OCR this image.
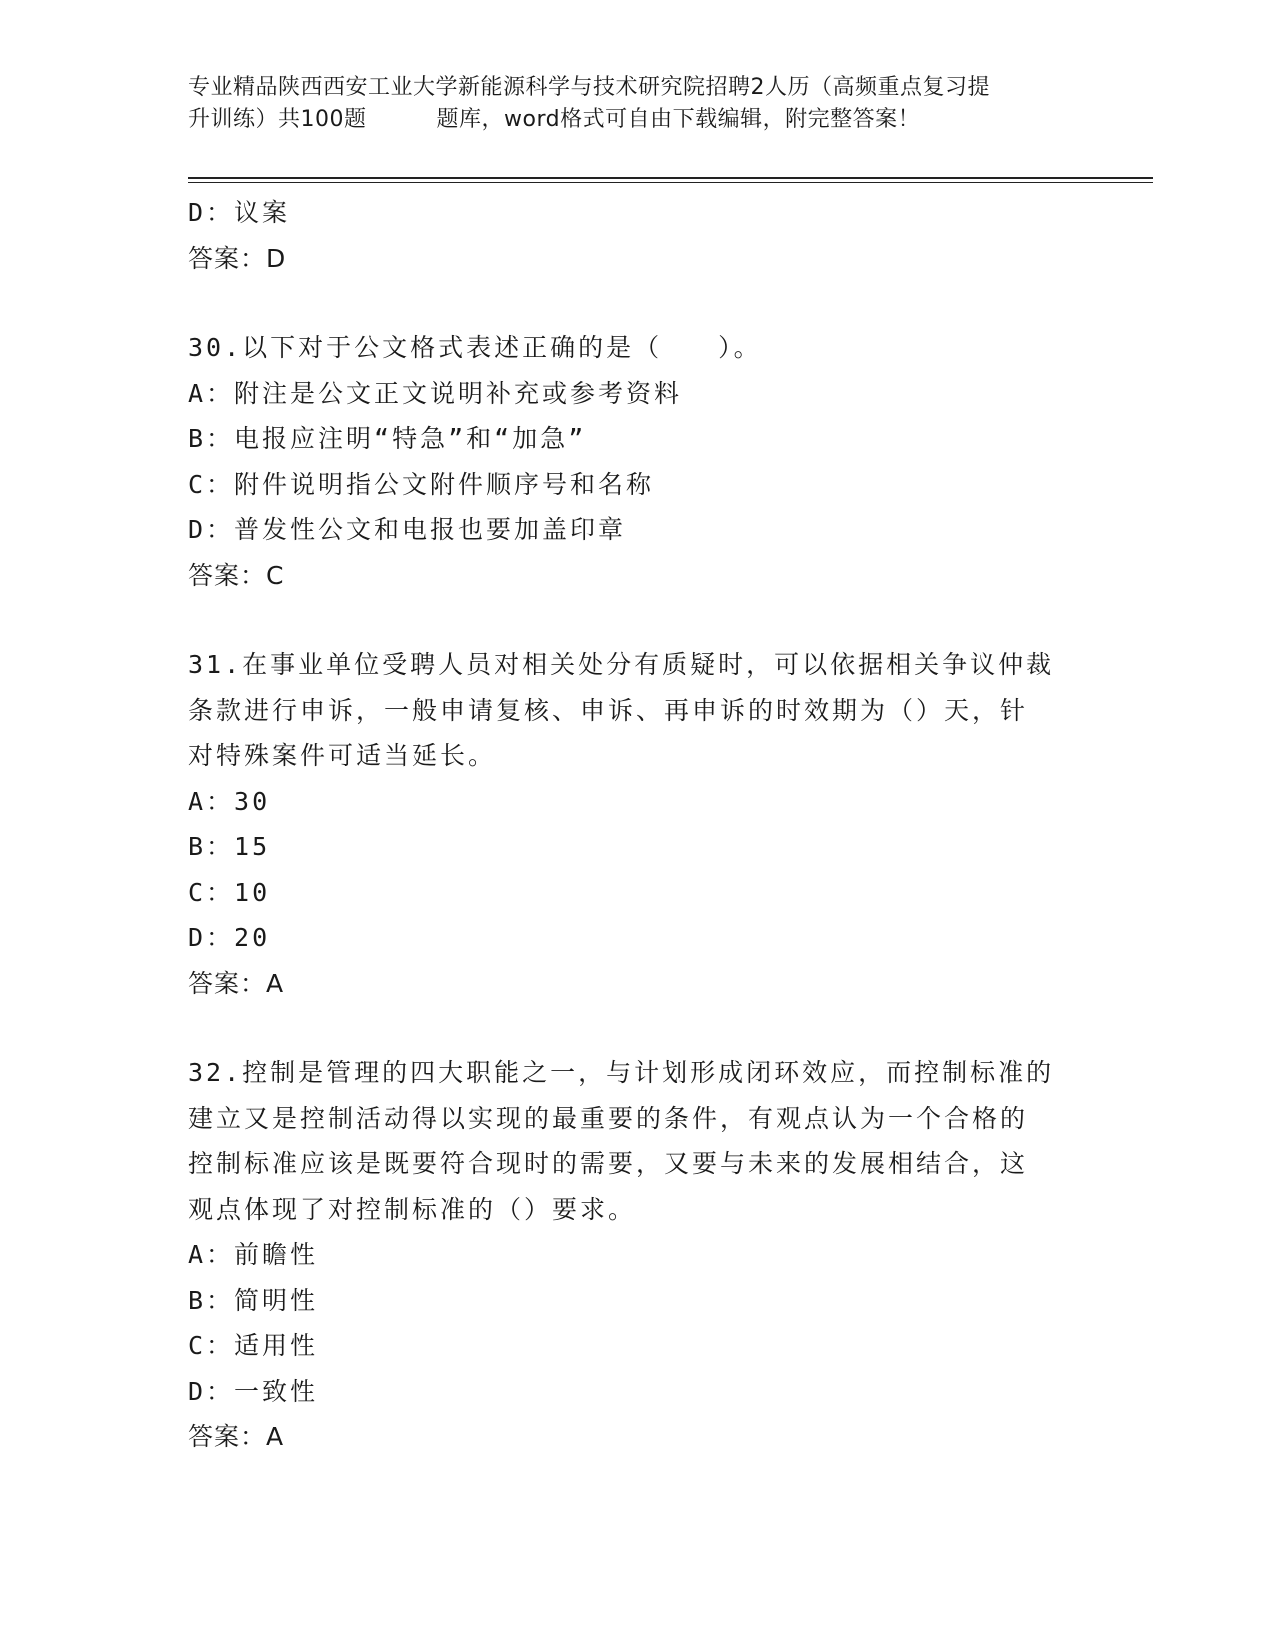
专业精品陕西西安工业大学新能源科学与技术研究院招聘2人历（高频重点复习提
升训练）共100题	题库，word格式可自由下载编辑，附完整答案！
D：议案
答案：D
30.以下对于公文格式表述正确的是（　　）。
A：附注是公文正文说明补充或参考资料
B：电报应注明“特急”和“加急”
C：附件说明指公文附件顺序号和名称
D：普发性公文和电报也要加盖印章
答案：C
31.在事业单位受聘人员对相关处分有质疑时，可以依据相关争议仲裁
条款进行申诉，一般申请复核、申诉、再申诉的时效期为（）天，针
对特殊案件可适当延长。
A：30
B：15
C：10
D：20
答案：A
32.控制是管理的四大职能之一，与计划形成闭环效应，而控制标准的
建立又是控制活动得以实现的最重要的条件，有观点认为一个合格的
控制标准应该是既要符合现时的需要，又要与未来的发展相结合，这
观点体现了对控制标准的（）要求。
A：前瞻性
B：简明性
C：适用性
D：一致性
答案：A
